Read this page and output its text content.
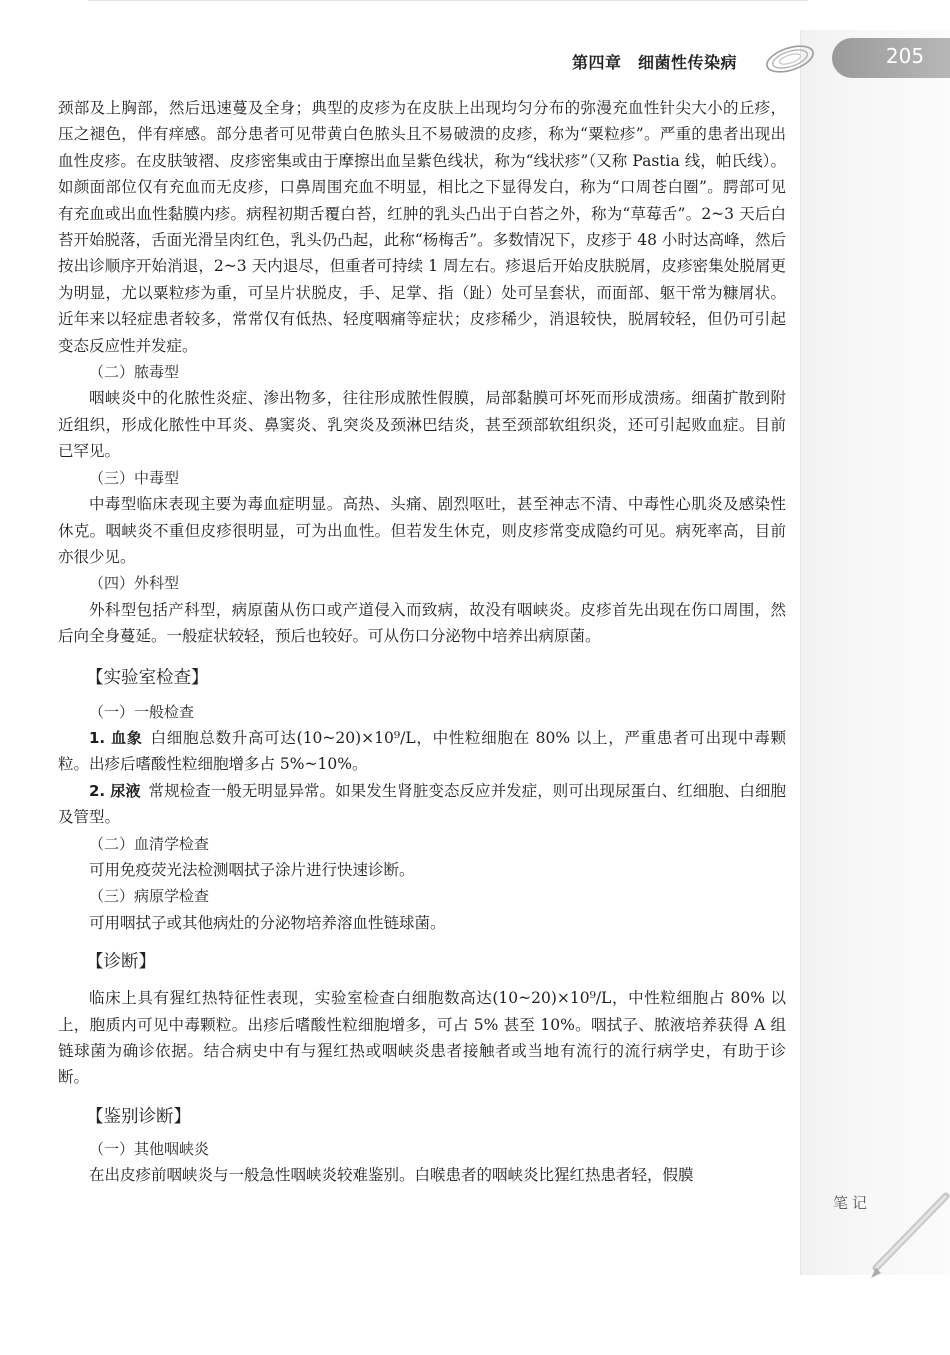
205
第四章　细菌性传染病
笔记

颈部及上胸部，然后迅速蔓及全身；典型的皮疹为在皮肤上出现均匀分布的弥漫充血性针尖大小的丘疹，压之褪色，伴有痒感。部分患者可见带黄白色脓头且不易破溃的皮疹，称为“粟粒疹”。严重的患者出现出血性皮疹。在皮肤皱褶、皮疹密集或由于摩擦出血呈紫色线状，称为“线状疹”（又称 Pastia 线，帕氏线）。如颜面部位仅有充血而无皮疹，口鼻周围充血不明显，相比之下显得发白，称为“口周苍白圈”。腭部可见有充血或出血性黏膜内疹。病程初期舌覆白苔，红肿的乳头凸出于白苔之外，称为“草莓舌”。2~3 天后白苔开始脱落，舌面光滑呈肉红色，乳头仍凸起，此称“杨梅舌”。多数情况下，皮疹于 48 小时达高峰，然后按出诊顺序开始消退，2~3 天内退尽，但重者可持续 1 周左右。疹退后开始皮肤脱屑，皮疹密集处脱屑更为明显，尤以粟粒疹为重，可呈片状脱皮，手、足掌、指（趾）处可呈套状，而面部、躯干常为糠屑状。近年来以轻症患者较多，常常仅有低热、轻度咽痛等症状；皮疹稀少，消退较快，脱屑较轻，但仍可引起变态反应性并发症。

（二）脓毒型

咽峡炎中的化脓性炎症、渗出物多，往往形成脓性假膜，局部黏膜可坏死而形成溃疡。细菌扩散到附近组织，形成化脓性中耳炎、鼻窦炎、乳突炎及颈淋巴结炎，甚至颈部软组织炎，还可引起败血症。目前已罕见。

（三）中毒型

中毒型临床表现主要为毒血症明显。高热、头痛、剧烈呕吐，甚至神志不清、中毒性心肌炎及感染性休克。咽峡炎不重但皮疹很明显，可为出血性。但若发生休克，则皮疹常变成隐约可见。病死率高，目前亦很少见。

（四）外科型

外科型包括产科型，病原菌从伤口或产道侵入而致病，故没有咽峡炎。皮疹首先出现在伤口周围，然后向全身蔓延。一般症状较轻，预后也较好。可从伤口分泌物中培养出病原菌。

【实验室检查】

（一）一般检查

1. 血象 白细胞总数升高可达(10~20)×10⁹/L，中性粒细胞在 80% 以上，严重患者可出现中毒颗粒。出疹后嗜酸性粒细胞增多占 5%~10%。

2. 尿液 常规检查一般无明显异常。如果发生肾脏变态反应并发症，则可出现尿蛋白、红细胞、白细胞及管型。

（二）血清学检查

可用免疫荧光法检测咽拭子涂片进行快速诊断。

（三）病原学检查

可用咽拭子或其他病灶的分泌物培养溶血性链球菌。

【诊断】

临床上具有猩红热特征性表现，实验室检查白细胞数高达(10~20)×10⁹/L，中性粒细胞占 80% 以上，胞质内可见中毒颗粒。出疹后嗜酸性粒细胞增多，可占 5% 甚至 10%。咽拭子、脓液培养获得 A 组链球菌为确诊依据。结合病史中有与猩红热或咽峡炎患者接触者或当地有流行的流行病学史，有助于诊断。

【鉴别诊断】

（一）其他咽峡炎

在出皮疹前咽峡炎与一般急性咽峡炎较难鉴别。白喉患者的咽峡炎比猩红热患者轻，假膜
